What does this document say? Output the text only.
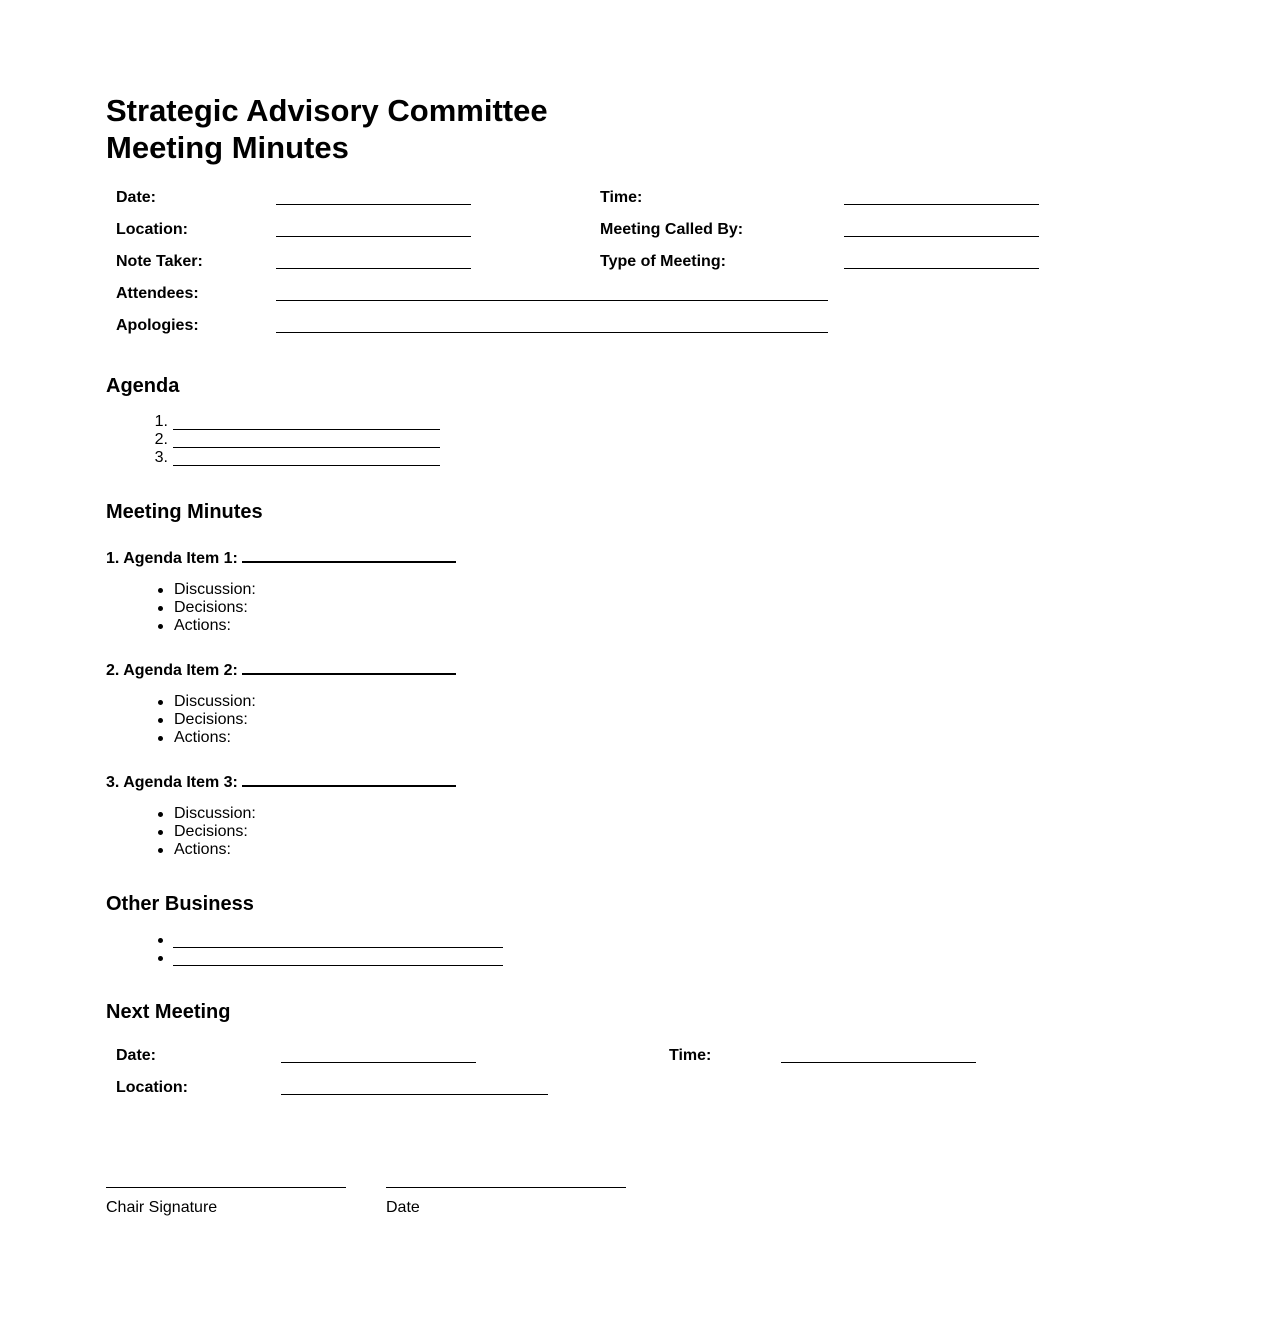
Strategic Advisory Committee
Meeting Minutes
Date:	Time:
Location:	Meeting Called By:
Note Taker:	Type of Meeting:
Attendees:
Apologies:
Agenda
1.
2.
3.
Meeting Minutes
1. Agenda Item 1:
Discussion:
Decisions:
Actions:
2. Agenda Item 2:
Discussion:
Decisions:
Actions:
3. Agenda Item 3:
Discussion:
Decisions:
Actions:
Other Business
Next Meeting
Date:	Time:
Location:
Chair Signature	Date
